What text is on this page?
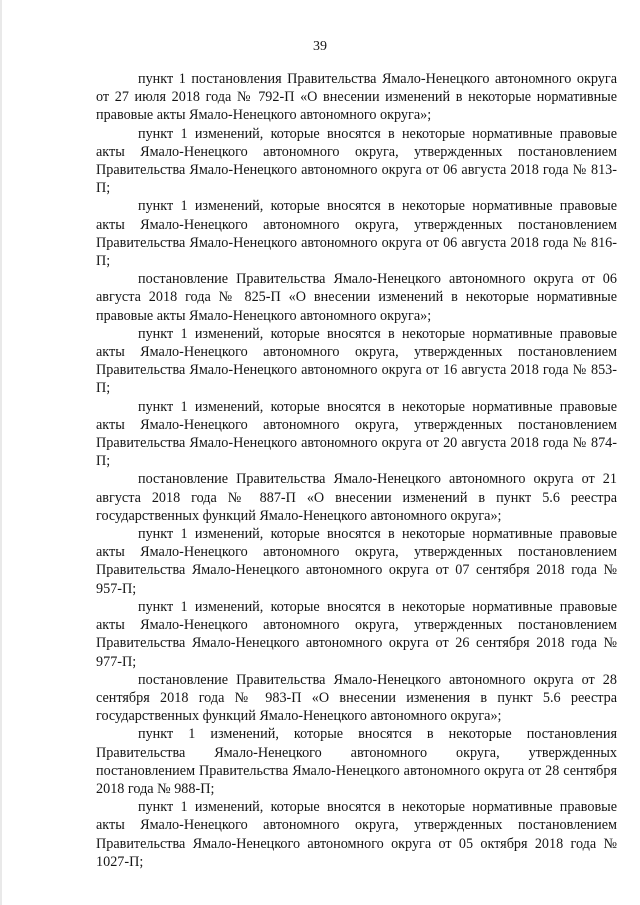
39

пункт 1 постановления Правительства Ямало-Ненецкого автономного округа от 27 июля 2018 года № 792-П «О внесении изменений в некоторые нормативные правовые акты Ямало-Ненецкого автономного округа»;

пункт 1 изменений, которые вносятся в некоторые нормативные правовые акты Ямало-Ненецкого автономного округа, утвержденных постановлением Правительства Ямало-Ненецкого автономного округа от 06 августа 2018 года № 813-П;

пункт 1 изменений, которые вносятся в некоторые нормативные правовые акты Ямало-Ненецкого автономного округа, утвержденных постановлением Правительства Ямало-Ненецкого автономного округа от 06 августа 2018 года № 816-П;

постановление Правительства Ямало-Ненецкого автономного округа от 06 августа 2018 года № 825-П «О внесении изменений в некоторые нормативные правовые акты Ямало-Ненецкого автономного округа»;

пункт 1 изменений, которые вносятся в некоторые нормативные правовые акты Ямало-Ненецкого автономного округа, утвержденных постановлением Правительства Ямало-Ненецкого автономного округа от 16 августа 2018 года № 853-П;

пункт 1 изменений, которые вносятся в некоторые нормативные правовые акты Ямало-Ненецкого автономного округа, утвержденных постановлением Правительства Ямало-Ненецкого автономного округа от 20 августа 2018 года № 874-П;

постановление Правительства Ямало-Ненецкого автономного округа от 21 августа 2018 года № 887-П «О внесении изменений в пункт 5.6 реестра государственных функций Ямало-Ненецкого автономного округа»;

пункт 1 изменений, которые вносятся в некоторые нормативные правовые акты Ямало-Ненецкого автономного округа, утвержденных постановлением Правительства Ямало-Ненецкого автономного округа от 07 сентября 2018 года № 957-П;

пункт 1 изменений, которые вносятся в некоторые нормативные правовые акты Ямало-Ненецкого автономного округа, утвержденных постановлением Правительства Ямало-Ненецкого автономного округа от 26 сентября 2018 года № 977-П;

постановление Правительства Ямало-Ненецкого автономного округа от 28 сентября 2018 года № 983-П «О внесении изменения в пункт 5.6 реестра государственных функций Ямало-Ненецкого автономного округа»;

пункт 1 изменений, которые вносятся в некоторые постановления Правительства Ямало-Ненецкого автономного округа, утвержденных постановлением Правительства Ямало-Ненецкого автономного округа от 28 сентября 2018 года № 988-П;

пункт 1 изменений, которые вносятся в некоторые нормативные правовые акты Ямало-Ненецкого автономного округа, утвержденных постановлением Правительства Ямало-Ненецкого автономного округа от 05 октября 2018 года № 1027-П;
